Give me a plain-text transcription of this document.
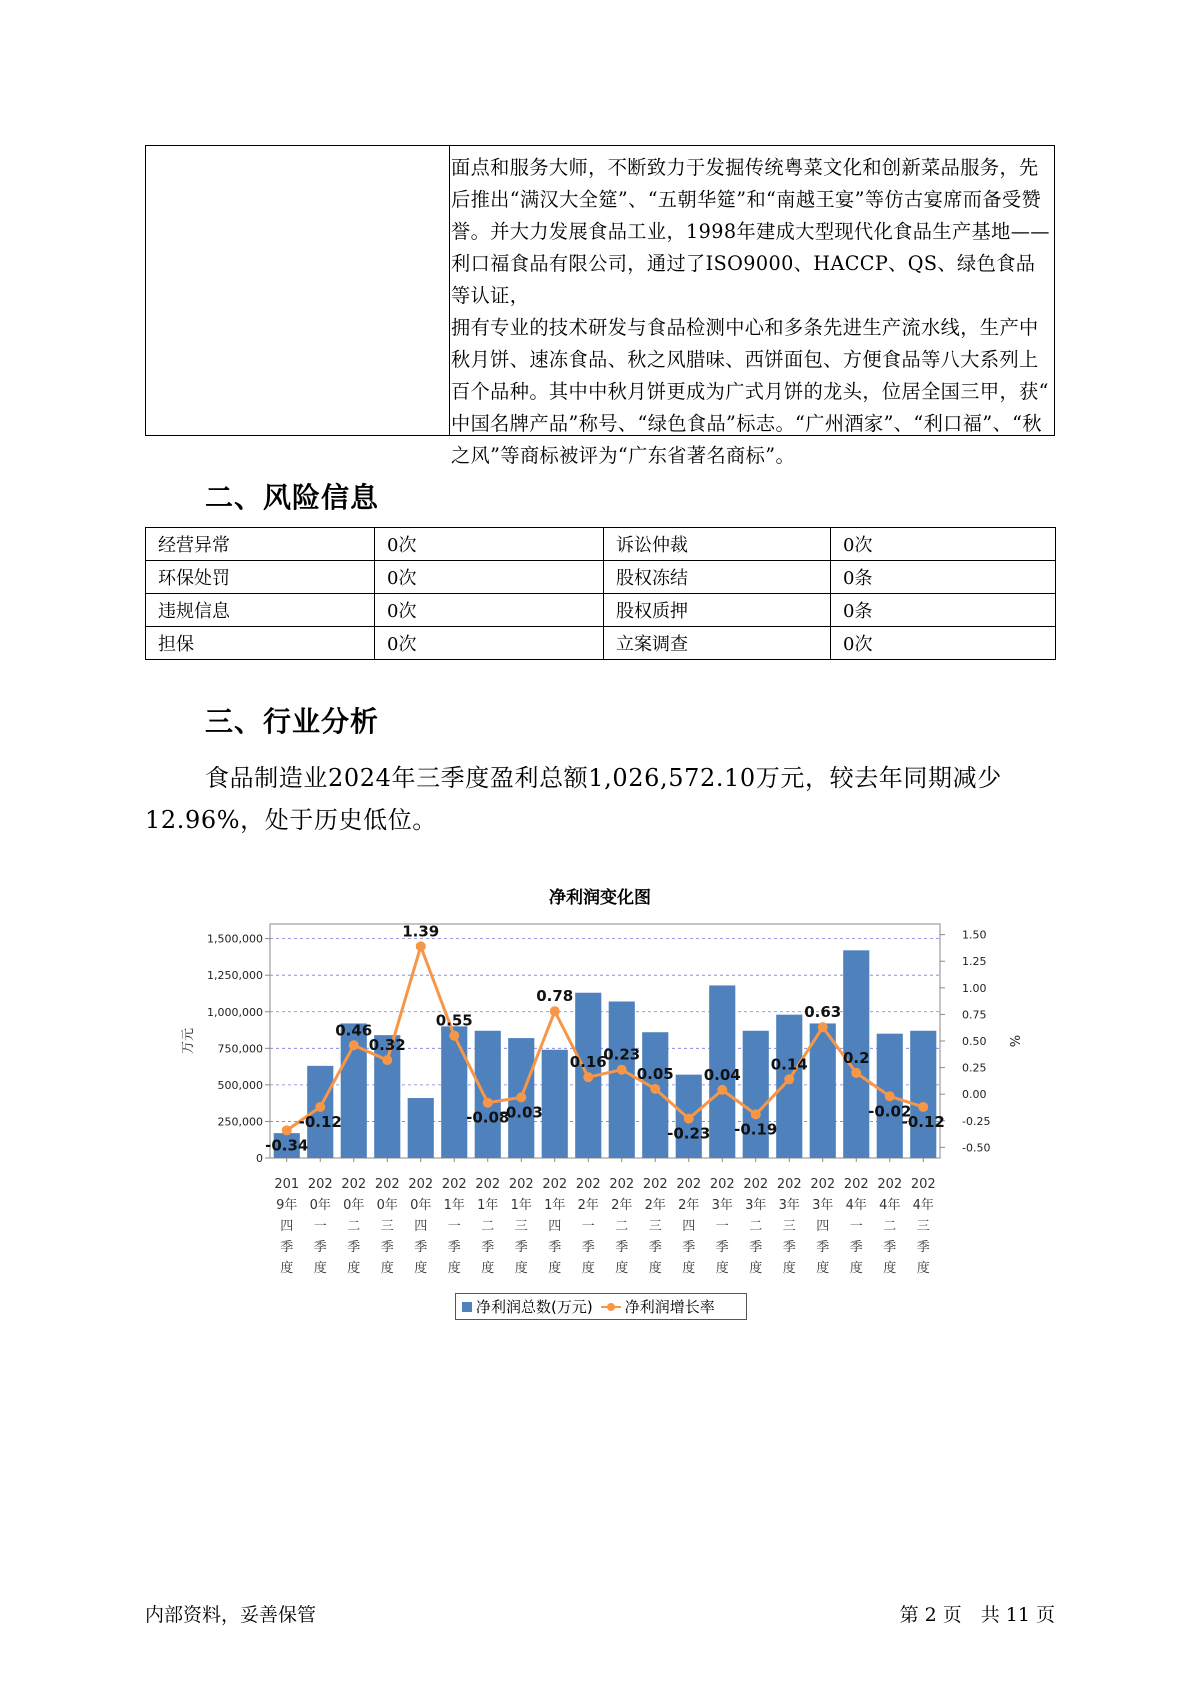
面点和服务大师，不断致力于发掘传统粤菜文化和创新菜品服务，先
后推出“满汉大全筵”、“五朝华筵”和“南越王宴”等仿古宴席而备受赞
誉。并大力发展食品工业，1998年建成大型现代化食品生产基地——
利口福食品有限公司，通过了ISO9000、HACCP、QS、绿色食品等认证，
拥有专业的技术研发与食品检测中心和多条先进生产流水线，生产中
秋月饼、速冻食品、秋之风腊味、西饼面包、方便食品等八大系列上
百个品种。其中中秋月饼更成为广式月饼的龙头，位居全国三甲，获“
中国名牌产品”称号、“绿色食品”标志。“广州酒家”、“利口福”、“秋
之风”等商标被评为“广东省著名商标”。
二、风险信息
经营异常	0次	诉讼仲裁	0次
环保处罚	0次	股权冻结	0条
违规信息	0次	股权质押	0条
担保	0次	立案调查	0次
三、行业分析
食品制造业2024年三季度盈利总额1,026,572.10万元，较去年同期减少12.96%，处于历史低位。
净利润变化图
0
250,000
500,000
750,000
1,000,000
1,250,000
1,500,000
-0.50
-0.25
0.00
0.25
0.50
0.75
1.00
1.25
1.50
万元	%
201
9年
四
季
度
202
0年
一
季
度
202
0年
二
季
度
202
0年
三
季
度
202
0年
四
季
度
202
1年
一
季
度
202
1年
二
季
度
202
1年
三
季
度
202
1年
四
季
度
202
2年
一
季
度
202
2年
二
季
度
202
2年
三
季
度
202
2年
四
季
度
202
3年
一
季
度
202
3年
二
季
度
202
3年
三
季
度
202
3年
四
季
度
202
4年
一
季
度
202
4年
二
季
度
202
4年
三
季
度
-0.34
-0.12
0.46
0.32
1.39
0.55
-0.08
-0.03
0.78
0.16
0.23
0.05
-0.23
0.04
-0.19
0.14
0.63
0.2
-0.02
-0.12
净利润总数(万元) 净利润增长率
内部资料，妥善保管	第 2 页　共 11 页
